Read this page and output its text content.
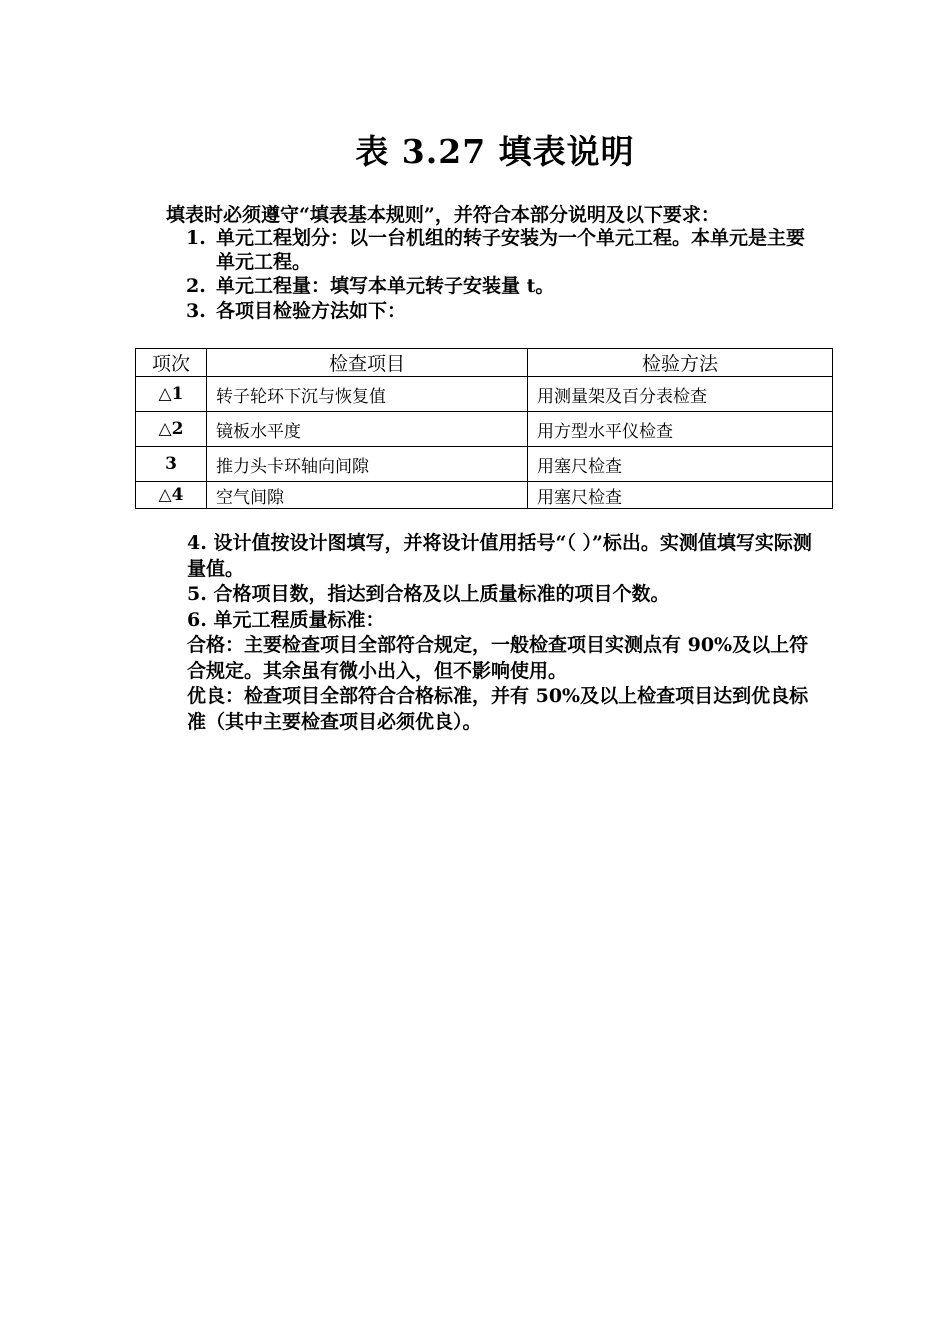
表 3.27 填表说明
填表时必须遵守“填表基本规则”，并符合本部分说明及以下要求：
1. 单元工程划分：以一台机组的转子安装为一个单元工程。本单元是主要单元工程。
2. 单元工程量：填写本单元转子安装量 t。
3. 各项目检验方法如下：
项次	检查项目	检验方法
△1	转子轮环下沉与恢复值	用测量架及百分表检查
△2	镜板水平度	用方型水平仪检查
3	推力头卡环轴向间隙	用塞尺检查
△4	空气间隙	用塞尺检查

4. 设计值按设计图填写，并将设计值用括号“（ ）”标出。实测值填写实际测量值。

5. 合格项目数，指达到合格及以上质量标准的项目个数。

6. 单元工程质量标准：

合格：主要检查项目全部符合规定，一般检查项目实测点有 90%及以上符合规定。其余虽有微小出入，但不影响使用。

优良：检查项目全部符合合格标准，并有 50%及以上检查项目达到优良标准（其中主要检查项目必须优良）。
